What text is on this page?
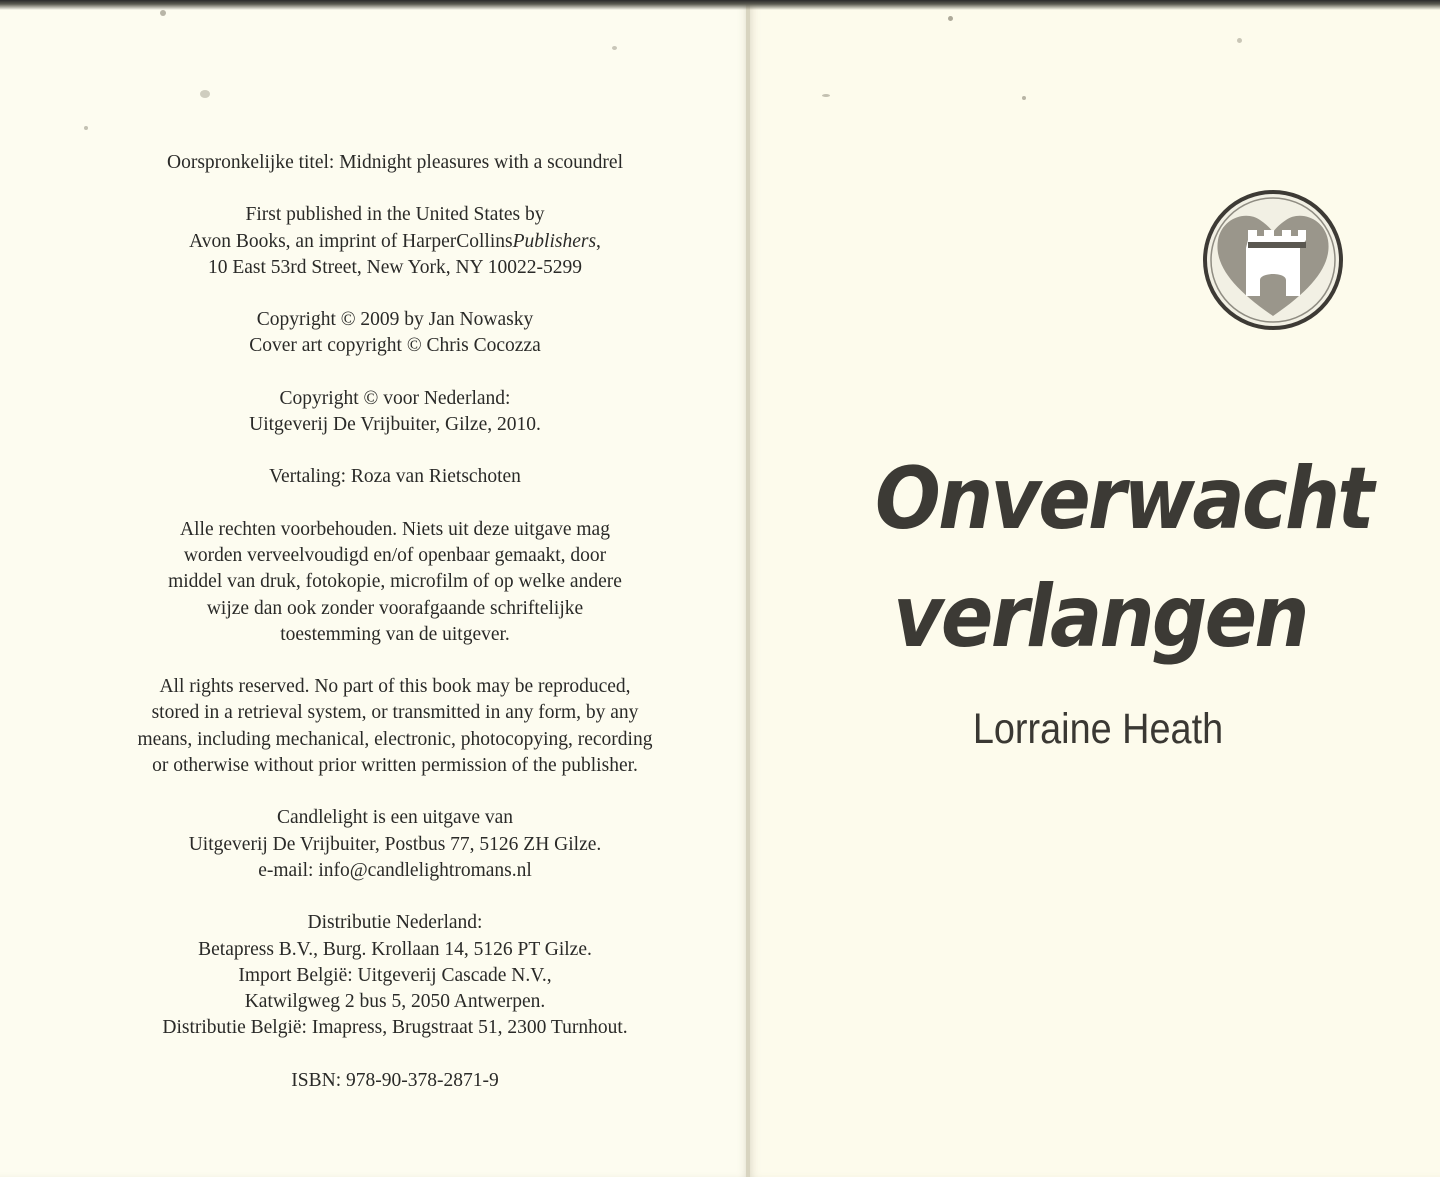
Oorspronkelijke titel: Midnight pleasures with a scoundrel
First published in the United States by
Avon Books, an imprint of HarperCollinsPublishers,
10 East 53rd Street, New York, NY 10022-5299
Copyright © 2009 by Jan Nowasky
Cover art copyright © Chris Cocozza
Copyright © voor Nederland:
Uitgeverij De Vrijbuiter, Gilze, 2010.
Vertaling: Roza van Rietschoten
Alle rechten voorbehouden. Niets uit deze uitgave mag
worden verveelvoudigd en/of openbaar gemaakt, door
middel van druk, fotokopie, microfilm of op welke andere
wijze dan ook zonder voorafgaande schriftelijke
toestemming van de uitgever.
All rights reserved. No part of this book may be reproduced,
stored in a retrieval system, or transmitted in any form, by any
means, including mechanical, electronic, photocopying, recording
or otherwise without prior written permission of the publisher.
Candlelight is een uitgave van
Uitgeverij De Vrijbuiter, Postbus 77, 5126 ZH Gilze.
e-mail: info@candlelightromans.nl
Distributie Nederland:
Betapress B.V., Burg. Krollaan 14, 5126 PT Gilze.
Import België: Uitgeverij Cascade N.V.,
Katwilgweg 2 bus 5, 2050 Antwerpen.
Distributie België: Imapress, Brugstraat 51, 2300 Turnhout.
ISBN: 978-90-378-2871-9
Onverwacht
verlangen
Lorraine Heath
